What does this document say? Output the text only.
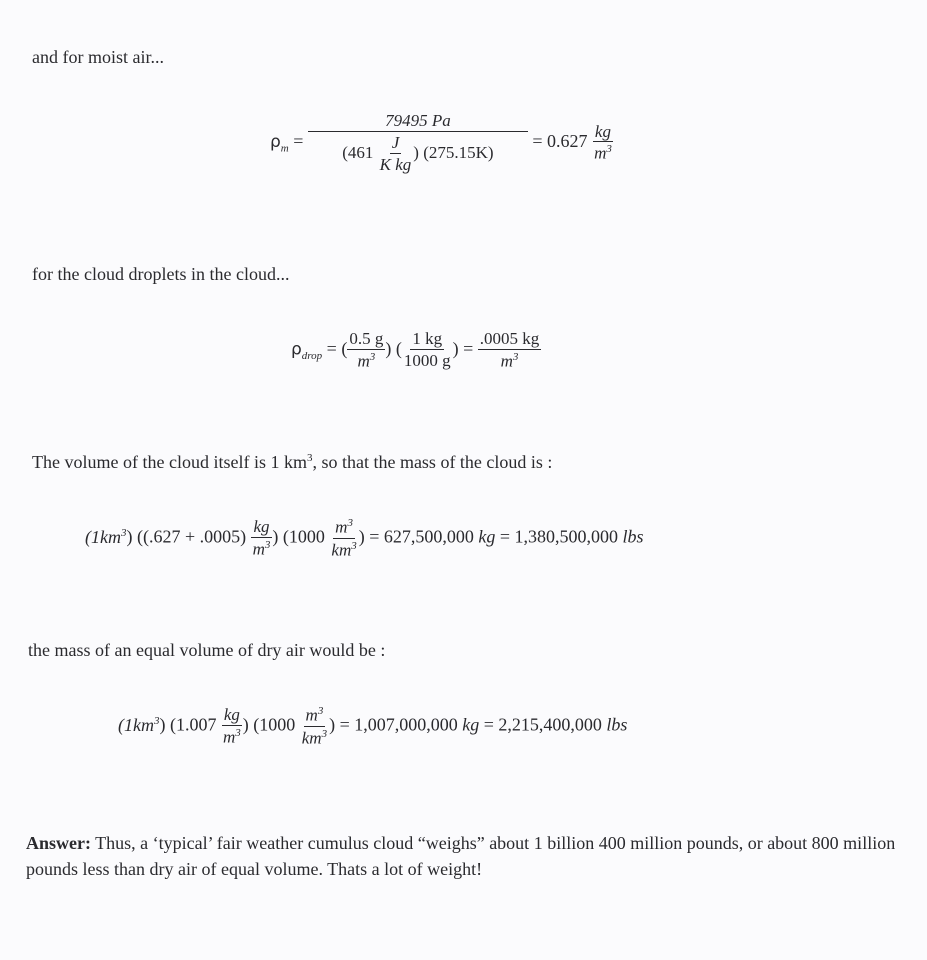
and for moist air...
$\rho_m = \frac{79495 Pa}{(461 \frac{J}{\text{K kg}} ) (275.15K)} = 0.627 \frac{kg}{m^3}$
for the cloud droplets in the cloud...
$\rho_{drop}$ = ( $\frac{0.5 g}{m^3}$ ) ( $\frac{1 kg}{1000 g}$ ) = $\frac{.0005 kg}{m^3}$
The volume of the cloud itself is 1 $km^3$, so that the mass of the cloud is :
$(1km^3) ((.627 + .0005) \frac{kg}{m^3}$ ) ($1000 \frac{m^3}{km^3}$ ) = 627,500,000 kg = 1,380,500,000 lbs
the mass of an equal volume of dry air would be :
$(1km^3)$ ($1.007 \frac{kg}{m^3}$ ) ($1000 \frac{m^3}{km^3}$ ) = 1,007,000,000 kg = 2,215,400,000 lbs
Answer: Thus, a ‘typical’ fair weather cumulus cloud “weighs” about 1 billion 400 million pounds, or about 800 million pounds less than dry air of equal volume. Thats a lot of weight!
